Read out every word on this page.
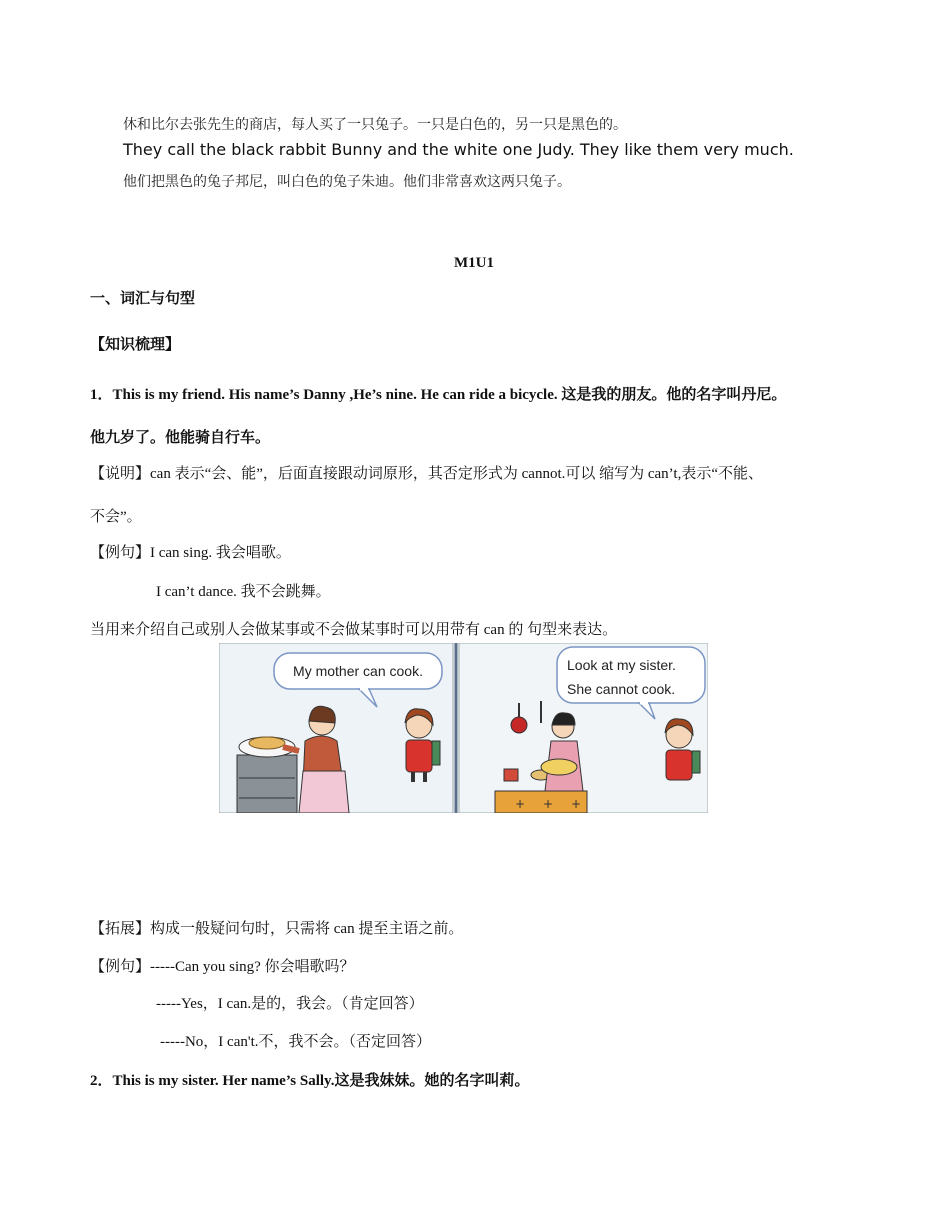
休和比尔去张先生的商店，每人买了一只兔子。一只是白色的，另一只是黑色的。
They call the black rabbit Bunny and the white one Judy. They like them very much.
他们把黑色的兔子邦尼，叫白色的兔子朱迪。他们非常喜欢这两只兔子。
M1U1
一、词汇与句型
【知识梳理】
1．This is my friend. His name’s Danny ,He’s nine. He can ride a bicycle. 这是我的朋友。他的名字叫丹尼。
他九岁了。他能骑自行车。
【说明】can 表示“会、能”，后面直接跟动词原形，其否定形式为 cannot.可以 缩写为 can’t,表示“不能、
不会”。
【例句】I can sing. 我会唱歌。
I can’t dance. 我不会跳舞。
当用来介绍自己或别人会做某事或不会做某事时可以用带有 can 的 句型来表达。
My mother can cook.
+ + +
Look at my sister.
She cannot cook.
【拓展】构成一般疑问句时，只需将 can 提至主语之前。
【例句】-----Can you sing? 你会唱歌吗？
-----Yes，I can.是的，我会。（肯定回答）
-----No，I can't.不，我不会。（否定回答）
2．This is my sister. Her name’s Sally.这是我妹妹。她的名字叫莉。
